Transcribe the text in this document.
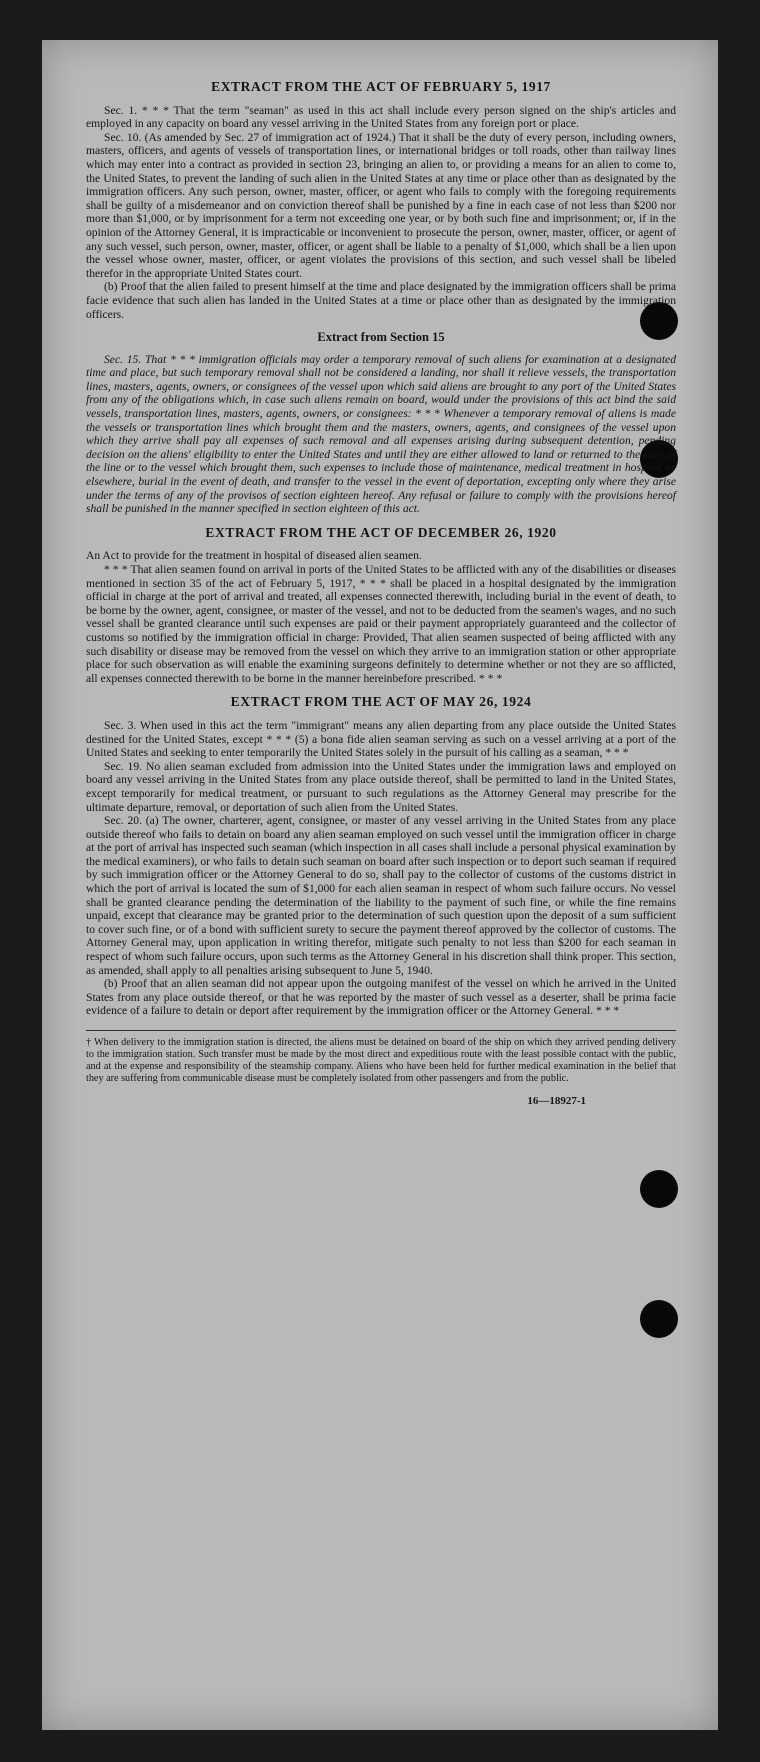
EXTRACT FROM THE ACT OF FEBRUARY 5, 1917

Sec. 1. * * * That the term "seaman" as used in this act shall include every person signed on the ship's articles and employed in any capacity on board any vessel arriving in the United States from any foreign port or place.

Sec. 10. (As amended by Sec. 27 of immigration act of 1924.) That it shall be the duty of every person, including owners, masters, officers, and agents of vessels of transportation lines, or international bridges or toll roads, other than railway lines which may enter into a contract as provided in section 23, bringing an alien to, or providing a means for an alien to come to, the United States, to prevent the landing of such alien in the United States at any time or place other than as designated by the immigration officers. Any such person, owner, master, officer, or agent who fails to comply with the foregoing requirements shall be guilty of a misdemeanor and on conviction thereof shall be punished by a fine in each case of not less than $200 nor more than $1,000, or by imprisonment for a term not exceeding one year, or by both such fine and imprisonment; or, if in the opinion of the Attorney General, it is impracticable or inconvenient to prosecute the person, owner, master, officer, or agent of any such vessel, such person, owner, master, officer, or agent shall be liable to a penalty of $1,000, which shall be a lien upon the vessel whose owner, master, officer, or agent violates the provisions of this section, and such vessel shall be libeled therefor in the appropriate United States court.

(b) Proof that the alien failed to present himself at the time and place designated by the immigration officers shall be prima facie evidence that such alien has landed in the United States at a time or place other than as designated by the immigration officers.

Extract from Section 15

Sec. 15. That * * * immigration officials may order a temporary removal of such aliens for examination at a designated time and place, but such temporary removal shall not be considered a landing, nor shall it relieve vessels, the transportation lines, masters, agents, owners, or consignees of the vessel upon which said aliens are brought to any port of the United States from any of the obligations which, in case such aliens remain on board, would under the provisions of this act bind the said vessels, transportation lines, masters, agents, owners, or consignees: * * * Whenever a temporary removal of aliens is made the vessels or transportation lines which brought them and the masters, owners, agents, and consignees of the vessel upon which they arrive shall pay all expenses of such removal and all expenses arising during subsequent detention, pending decision on the aliens' eligibility to enter the United States and until they are either allowed to land or returned to the care of the line or to the vessel which brought them, such expenses to include those of maintenance, medical treatment in hospital or elsewhere, burial in the event of death, and transfer to the vessel in the event of deportation, excepting only where they arise under the terms of any of the provisos of section eighteen hereof. Any refusal or failure to comply with the provisions hereof shall be punished in the manner specified in section eighteen of this act.

EXTRACT FROM THE ACT OF DECEMBER 26, 1920

An Act to provide for the treatment in hospital of diseased alien seamen.

* * * That alien seamen found on arrival in ports of the United States to be afflicted with any of the disabilities or diseases mentioned in section 35 of the act of February 5, 1917, * * * shall be placed in a hospital designated by the immigration official in charge at the port of arrival and treated, all expenses connected therewith, including burial in the event of death, to be borne by the owner, agent, consignee, or master of the vessel, and not to be deducted from the seamen's wages, and no such vessel shall be granted clearance until such expenses are paid or their payment appropriately guaranteed and the collector of customs so notified by the immigration official in charge: Provided, That alien seamen suspected of being afflicted with any such disability or disease may be removed from the vessel on which they arrive to an immigration station or other appropriate place for such observation as will enable the examining surgeons definitely to determine whether or not they are so afflicted, all expenses connected therewith to be borne in the manner hereinbefore prescribed. * * *

EXTRACT FROM THE ACT OF MAY 26, 1924

Sec. 3. When used in this act the term "immigrant" means any alien departing from any place outside the United States destined for the United States, except * * * (5) a bona fide alien seaman serving as such on a vessel arriving at a port of the United States and seeking to enter temporarily the United States solely in the pursuit of his calling as a seaman, * * *

Sec. 19. No alien seaman excluded from admission into the United States under the immigration laws and employed on board any vessel arriving in the United States from any place outside thereof, shall be permitted to land in the United States, except temporarily for medical treatment, or pursuant to such regulations as the Attorney General may prescribe for the ultimate departure, removal, or deportation of such alien from the United States.

Sec. 20. (a) The owner, charterer, agent, consignee, or master of any vessel arriving in the United States from any place outside thereof who fails to detain on board any alien seaman employed on such vessel until the immigration officer in charge at the port of arrival has inspected such seaman (which inspection in all cases shall include a personal physical examination by the medical examiners), or who fails to detain such seaman on board after such inspection or to deport such seaman if required by such immigration officer or the Attorney General to do so, shall pay to the collector of customs of the customs district in which the port of arrival is located the sum of $1,000 for each alien seaman in respect of whom such failure occurs. No vessel shall be granted clearance pending the determination of the liability to the payment of such fine, or while the fine remains unpaid, except that clearance may be granted prior to the determination of such question upon the deposit of a sum sufficient to cover such fine, or of a bond with sufficient surety to secure the payment thereof approved by the collector of customs. The Attorney General may, upon application in writing therefor, mitigate such penalty to not less than $200 for each seaman in respect of whom such failure occurs, upon such terms as the Attorney General in his discretion shall think proper. This section, as amended, shall apply to all penalties arising subsequent to June 5, 1940.

(b) Proof that an alien seaman did not appear upon the outgoing manifest of the vessel on which he arrived in the United States from any place outside thereof, or that he was reported by the master of such vessel as a deserter, shall be prima facie evidence of a failure to detain or deport after requirement by the immigration officer or the Attorney General. * * *

† When delivery to the immigration station is directed, the aliens must be detained on board of the ship on which they arrived pending delivery to the immigration station. Such transfer must be made by the most direct and expeditious route with the least possible contact with the public, and at the expense and responsibility of the steamship company. Aliens who have been held for further medical examination in the belief that they are suffering from communicable disease must be completely isolated from other passengers and from the public.
16—18927-1
